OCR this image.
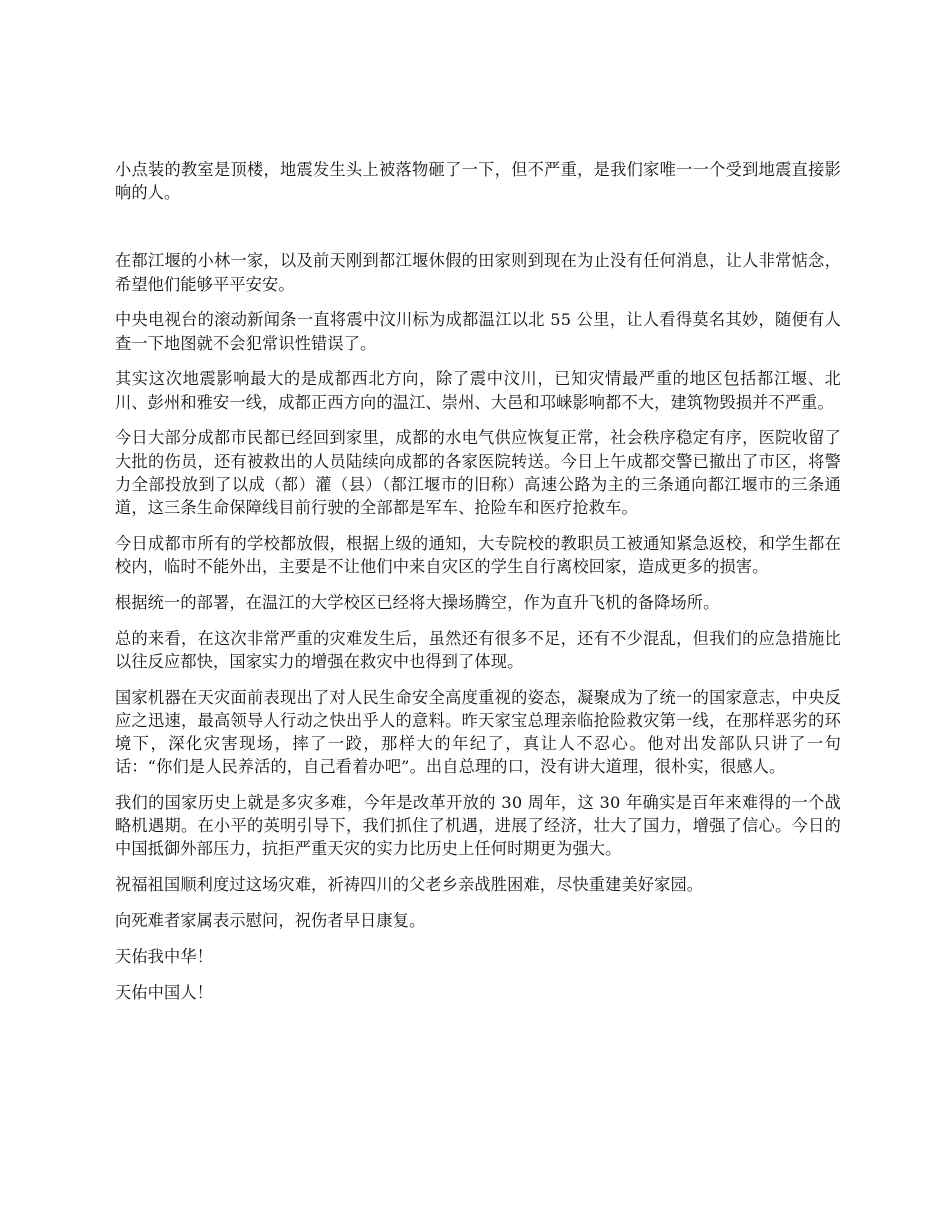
小点装的教室是顶楼，地震发生头上被落物砸了一下，但不严重，是我们家唯一一个受到地震直接影响的人。

在都江堰的小林一家，以及前天刚到都江堰休假的田家则到现在为止没有任何消息，让人非常惦念，希望他们能够平平安安。

中央电视台的滚动新闻条一直将震中汶川标为成都温江以北 55 公里，让人看得莫名其妙，随便有人查一下地图就不会犯常识性错误了。

其实这次地震影响最大的是成都西北方向，除了震中汶川，已知灾情最严重的地区包括都江堰、北川、彭州和雅安一线，成都正西方向的温江、崇州、大邑和邛崃影响都不大，建筑物毁损并不严重。

今日大部分成都市民都已经回到家里，成都的水电气供应恢复正常，社会秩序稳定有序，医院收留了大批的伤员，还有被救出的人员陆续向成都的各家医院转送。今日上午成都交警已撤出了市区，将警力全部投放到了以成（都）灌（县）（都江堰市的旧称）高速公路为主的三条通向都江堰市的三条通道，这三条生命保障线目前行驶的全部都是军车、抢险车和医疗抢救车。

今日成都市所有的学校都放假，根据上级的通知，大专院校的教职员工被通知紧急返校，和学生都在校内，临时不能外出，主要是不让他们中来自灾区的学生自行离校回家，造成更多的损害。

根据统一的部署，在温江的大学校区已经将大操场腾空，作为直升飞机的备降场所。

总的来看，在这次非常严重的灾难发生后，虽然还有很多不足，还有不少混乱，但我们的应急措施比以往反应都快，国家实力的增强在救灾中也得到了体现。

国家机器在天灾面前表现出了对人民生命安全高度重视的姿态，凝聚成为了统一的国家意志，中央反应之迅速，最高领导人行动之快出乎人的意料。昨天家宝总理亲临抢险救灾第一线，在那样恶劣的环境下，深化灾害现场，摔了一跤，那样大的年纪了，真让人不忍心。他对出发部队只讲了一句话：“你们是人民养活的，自己看着办吧”。出自总理的口，没有讲大道理，很朴实，很感人。

我们的国家历史上就是多灾多难，今年是改革开放的 30 周年，这 30 年确实是百年来难得的一个战略机遇期。在小平的英明引导下，我们抓住了机遇，进展了经济，壮大了国力，增强了信心。今日的中国抵御外部压力，抗拒严重天灾的实力比历史上任何时期更为强大。

祝福祖国顺利度过这场灾难，祈祷四川的父老乡亲战胜困难，尽快重建美好家园。

向死难者家属表示慰问，祝伤者早日康复。

天佑我中华！

天佑中国人！
